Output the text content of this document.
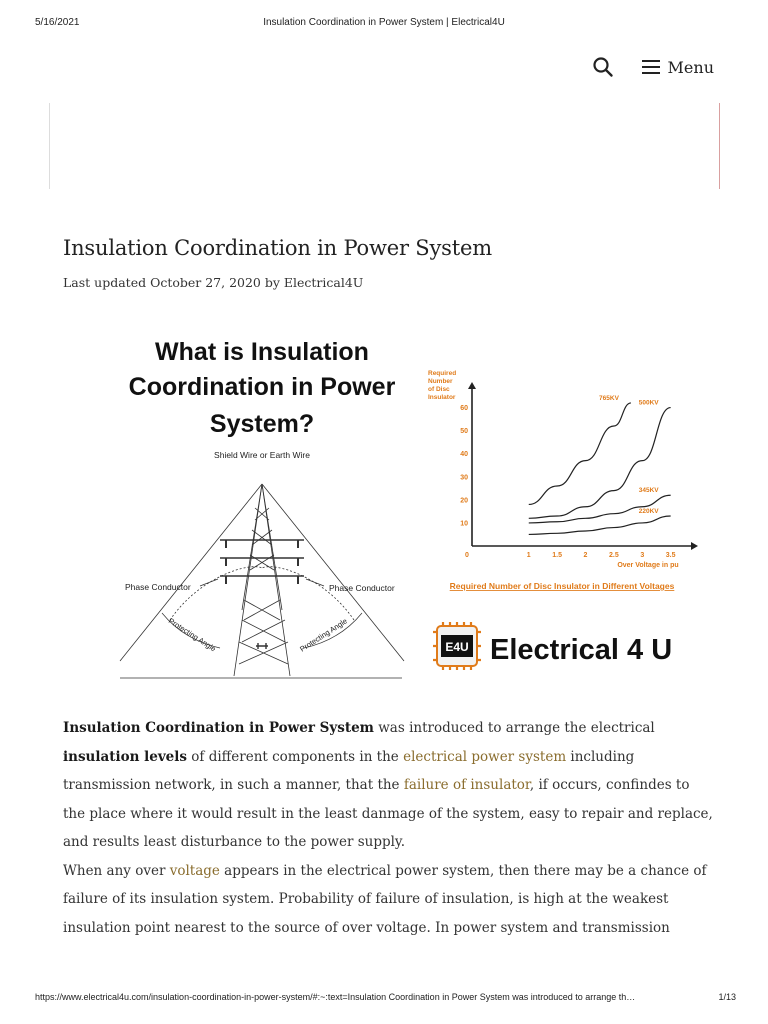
5/16/2021	Insulation Coordination in Power System | Electrical4U
Menu
Insulation Coordination in Power System
Last updated October 27, 2020 by Electrical4U
What is Insulation
Coordination in Power
System?
Shield Wire or Earth Wire
Phase Conductor	Phase Conductor
Protecting Angle	Protecting Angle
Required Number of Disc Insulator
0	1	1.5	2	2.5	3	3.5
10
20
30
40
50
60
765KV
500KV
345KV
220KV
Over Voltage in pu
Required Number of Disc Insulator in Different Voltages
E4U Electrical 4 U

Insulation Coordination in Power System was introduced to arrange the electrical insulation levels of different components in the electrical power system including transmission network, in such a manner, that the failure of insulator, if occurs, confindes to the place where it would result in the least danmage of the system, easy to repair and replace, and results least disturbance to the power supply.

When any over voltage appears in the electrical power system, then there may be a chance of failure of its insulation system. Probability of failure of insulation, is high at the weakest insulation point nearest to the source of over voltage. In power system and transmission

https://www.electrical4u.com/insulation-coordination-in-power-system/#:~:text=Insulation Coordination in Power System was introduced to arrange th…	1/13
